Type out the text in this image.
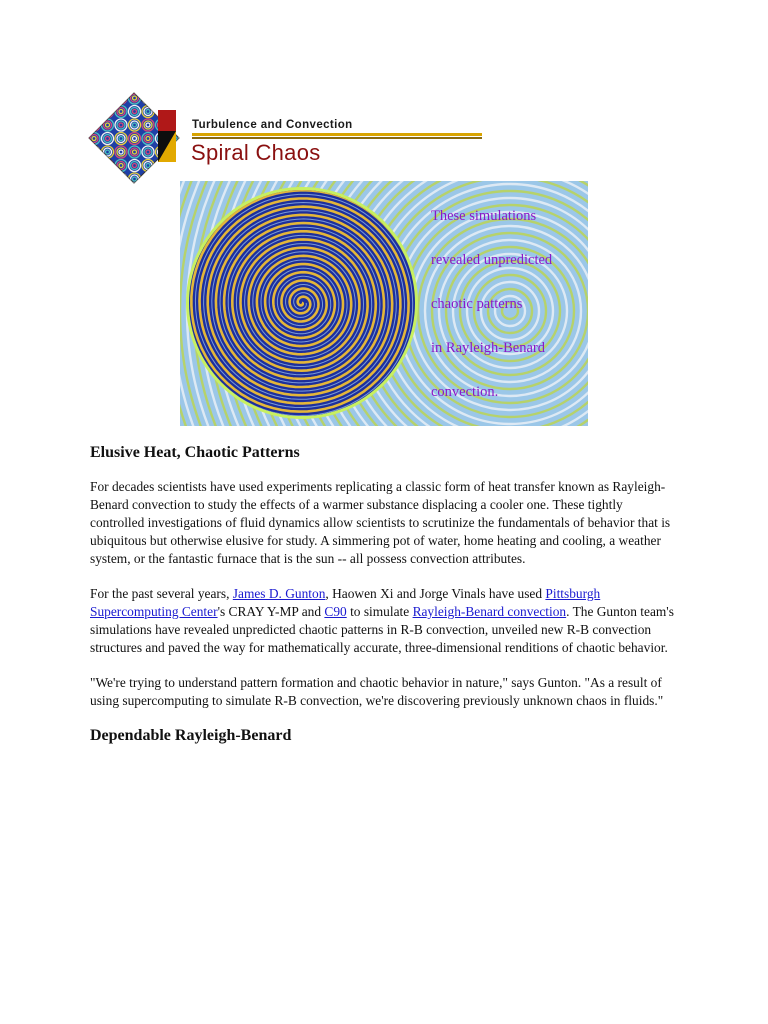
Turbulence and Convection
Spiral Chaos
These simulations
revealed unpredicted
chaotic patterns
in Rayleigh-Benard
convection.
Elusive Heat, Chaotic Patterns

For decades scientists have used experiments replicating a classic form of heat transfer known as Rayleigh-Benard convection to study the effects of a warmer substance displacing a cooler one. These tightly controlled investigations of fluid dynamics allow scientists to scrutinize the fundamentals of behavior that is ubiquitous but otherwise elusive for study. A simmering pot of water, home heating and cooling, a weather system, or the fantastic furnace that is the sun -- all possess convection attributes.

For the past several years, James D. Gunton, Haowen Xi and Jorge Vinals have used Pittsburgh Supercomputing Center's CRAY Y-MP and C90 to simulate Rayleigh-Benard convection. The Gunton team's simulations have revealed unpredicted chaotic patterns in R-B convection, unveiled new R-B convection structures and paved the way for mathematically accurate, three-dimensional renditions of chaotic behavior.

"We're trying to understand pattern formation and chaotic behavior in nature," says Gunton. "As a result of using supercomputing to simulate R-B convection, we're discovering previously unknown chaos in fluids."

Dependable Rayleigh-Benard
